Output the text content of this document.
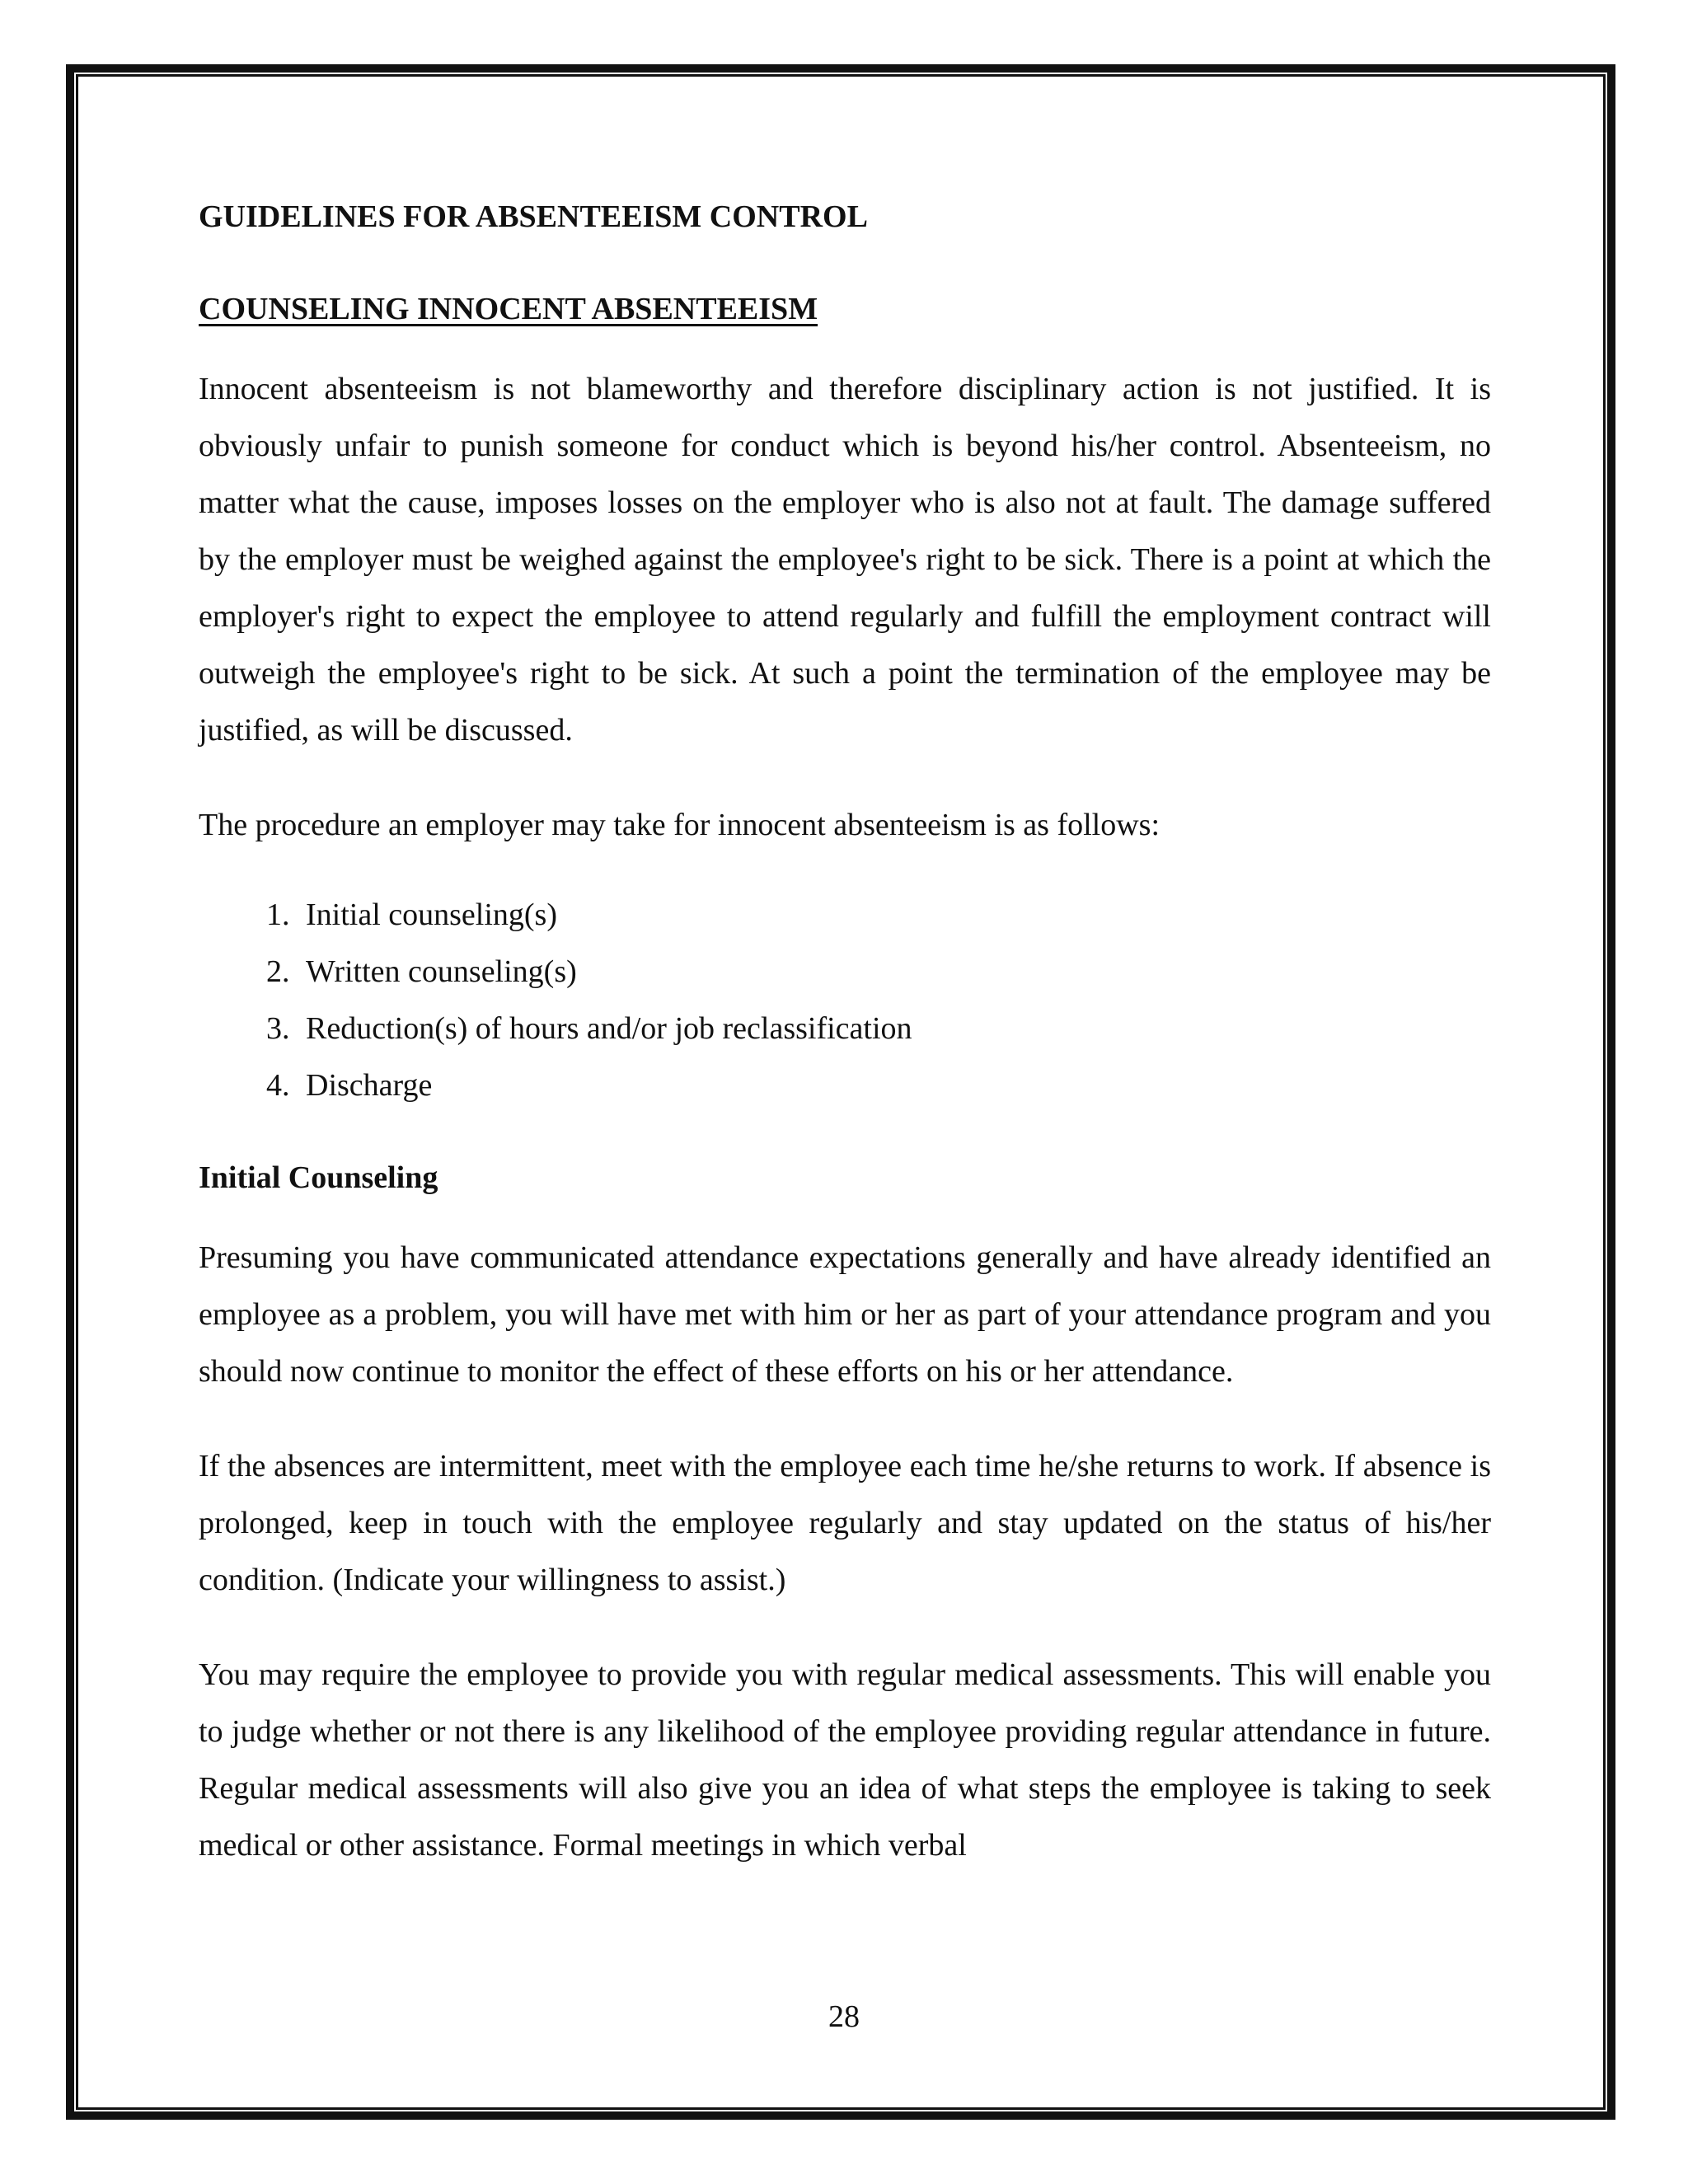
GUIDELINES FOR ABSENTEEISM CONTROL
COUNSELING INNOCENT ABSENTEEISM

Innocent absenteeism is not blameworthy and therefore disciplinary action is not justified. It is obviously unfair to punish someone for conduct which is beyond his/her control. Absenteeism, no matter what the cause, imposes losses on the employer who is also not at fault. The damage suffered by the employer must be weighed against the employee's right to be sick. There is a point at which the employer's right to expect the employee to attend regularly and fulfill the employment contract will outweigh the employee's right to be sick. At such a point the termination of the employee may be justified, as will be discussed.

The procedure an employer may take for innocent absenteeism is as follows:

1. Initial counseling(s)
2. Written counseling(s)
3. Reduction(s) of hours and/or job reclassification
4. Discharge
Initial Counseling

Presuming you have communicated attendance expectations generally and have already identified an employee as a problem, you will have met with him or her as part of your attendance program and you should now continue to monitor the effect of these efforts on his or her attendance.

If the absences are intermittent, meet with the employee each time he/she returns to work. If absence is prolonged, keep in touch with the employee regularly and stay updated on the status of his/her condition. (Indicate your willingness to assist.)

You may require the employee to provide you with regular medical assessments. This will enable you to judge whether or not there is any likelihood of the employee providing regular attendance in future. Regular medical assessments will also give you an idea of what steps the employee is taking to seek medical or other assistance. Formal meetings in which verbal

28
